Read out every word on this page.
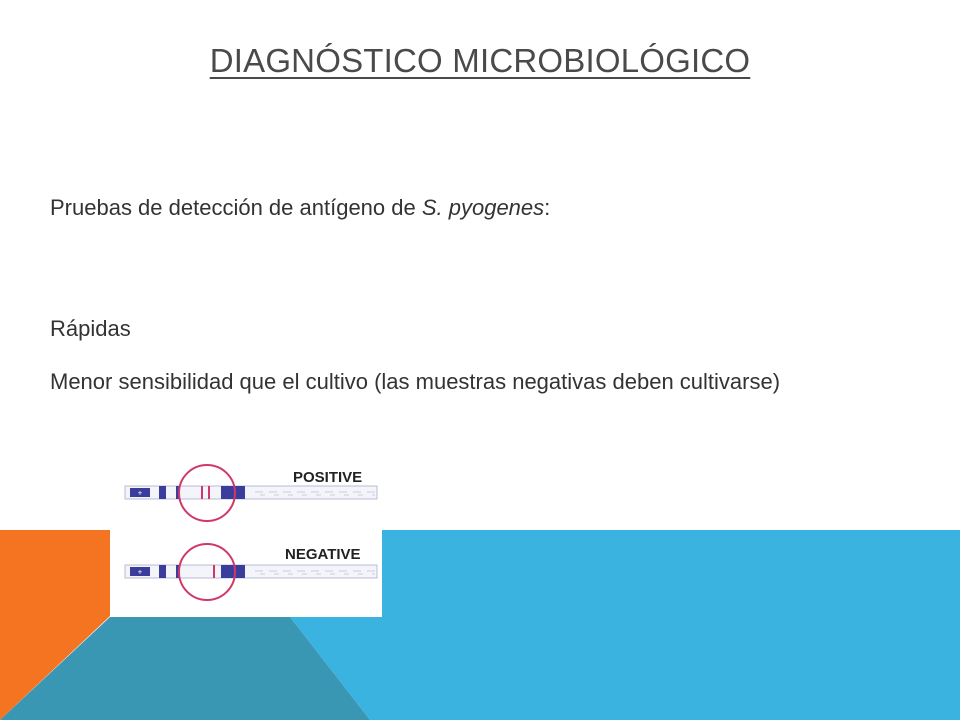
DIAGNÓSTICO MICROBIOLÓGICO
Pruebas de detección de antígeno de S. pyogenes:
Rápidas
Menor sensibilidad que el cultivo (las muestras negativas deben cultivarse)
+
POSITIVE
+
NEGATIVE
